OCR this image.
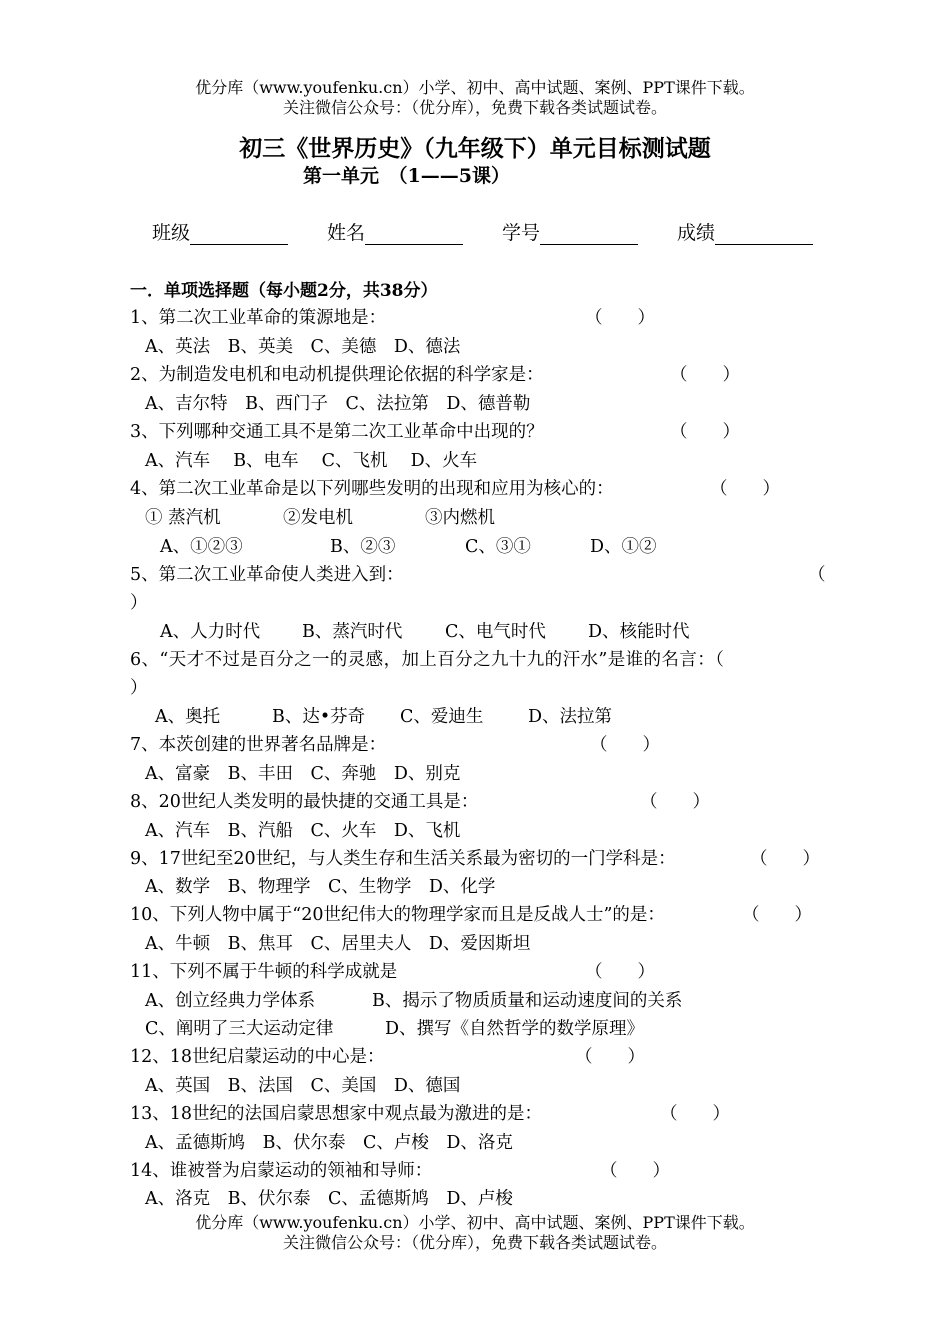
优分库（www.youfenku.cn）小学、初中、高中试题、案例、PPT课件下载。
关注微信公众号：（优分库），免费下载各类试题试卷。
初三《世界历史》（九年级下）单元目标测试题
第一单元　（1——5课）
班级	姓名	学号	成绩
一．单项选择题（每小题2分，共38分）
1、第二次工业革命的策源地是：	（　　）
A、英法　B、英美　C、美德　D、德法
2、为制造发电机和电动机提供理论依据的科学家是：	（　　）
A、吉尔特　B、西门子　C、法拉第　D、德普勒
3、下列哪种交通工具不是第二次工业革命中出现的？	（　　）
A、汽车　 B、电车　 C、飞机　 D、火车
4、第二次工业革命是以下列哪些发明的出现和应用为核心的：	（　　）
① 蒸汽机	②发电机	③内燃机
A、①②③	B、②③	C、③①	D、①②
5、第二次工业革命使人类进入到：	（
）
A、人力时代 B、蒸汽时代 C、电气时代 D、核能时代
6、“天才不过是百分之一的灵感，加上百分之九十九的汗水”是谁的名言：（
）
A、奥托	B、达•芬奇 C、爱迪生	D、法拉第
7、本茨创建的世界著名品牌是：	（　　）
A、富豪　B、丰田　C、奔驰　D、别克
8、20世纪人类发明的最快捷的交通工具是：	（　　）
A、汽车　B、汽船　C、火车　D、飞机
9、17世纪至20世纪，与人类生存和生活关系最为密切的一门学科是：	（　　）
A、数学　B、物理学　C、生物学　D、化学
10、下列人物中属于“20世纪伟大的物理学家而且是反战人士”的是：	（　　）
A、牛顿　B、焦耳　C、居里夫人　D、爱因斯坦
11、下列不属于牛顿的科学成就是	（　　）
A、创立经典力学体系	B、揭示了物质质量和运动速度间的关系
C、阐明了三大运动定律	D、撰写《自然哲学的数学原理》
12、18世纪启蒙运动的中心是：	（　　）
A、英国　B、法国　C、美国　D、德国
13、18世纪的法国启蒙思想家中观点最为激进的是：	（　　）
A、孟德斯鸠　B、伏尔泰　C、卢梭　D、洛克
14、谁被誉为启蒙运动的领袖和导师：	（　　）
A、洛克　B、伏尔泰　C、孟德斯鸠　D、卢梭
优分库（www.youfenku.cn）小学、初中、高中试题、案例、PPT课件下载。
关注微信公众号：（优分库），免费下载各类试题试卷。
